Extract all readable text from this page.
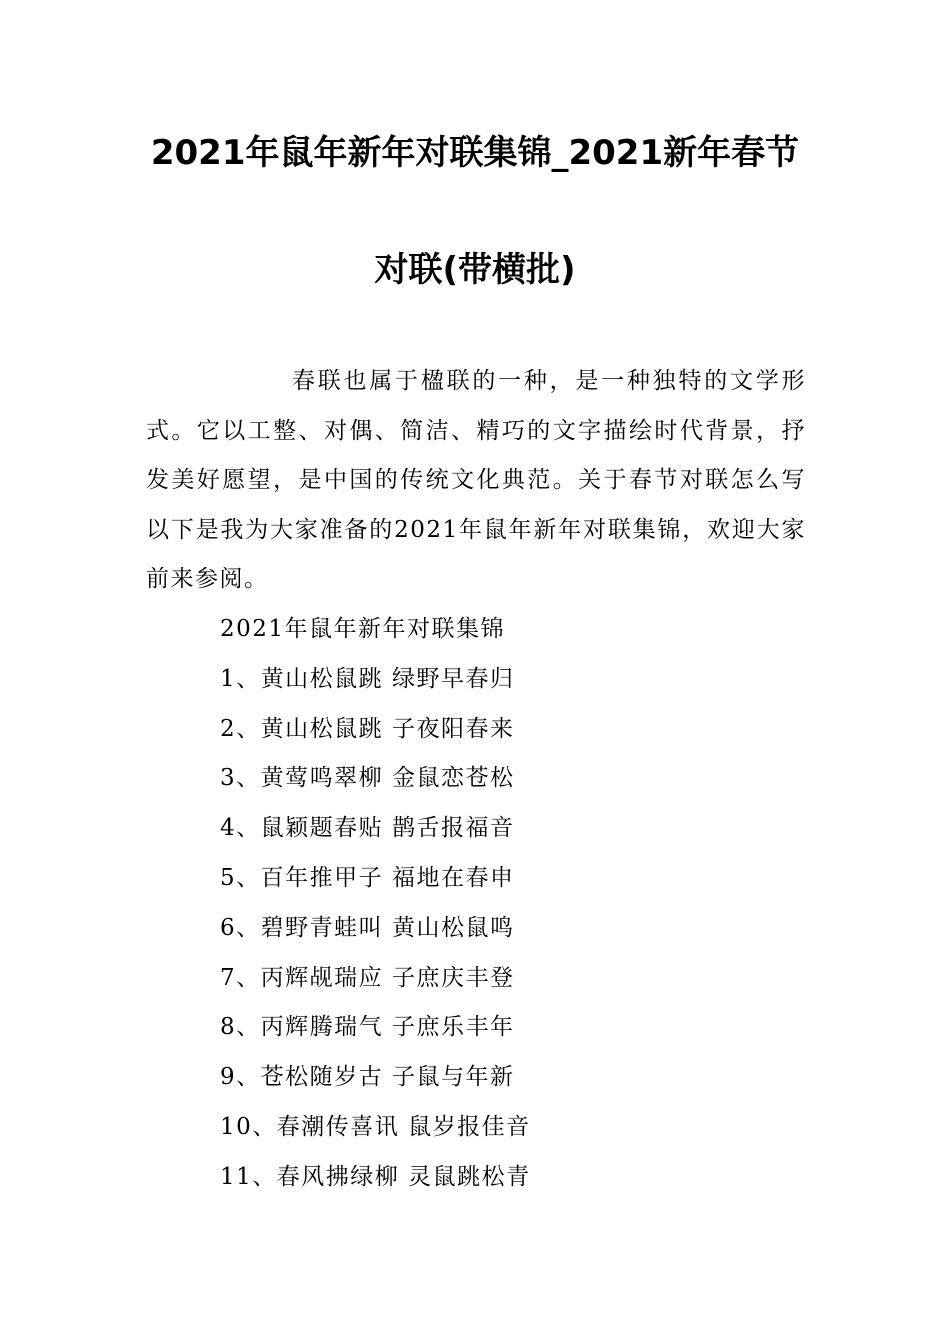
2021年鼠年新年对联集锦_2021新年春节
对联(带横批)

春联也属于楹联的一种，是一种独特的文学形式。它以工整、对偶、简洁、精巧的文字描绘时代背景，抒发美好愿望，是中国的传统文化典范。关于春节对联怎么写以下是我为大家准备的2021年鼠年新年对联集锦，欢迎大家前来参阅。

2021年鼠年新年对联集锦
1、黄山松鼠跳 绿野早春归
2、黄山松鼠跳 子夜阳春来
3、黄莺鸣翠柳 金鼠恋苍松
4、鼠颖题春贴 鹊舌报福音
5、百年推甲子 福地在春申
6、碧野青蛙叫 黄山松鼠鸣
7、丙辉觇瑞应 子庶庆丰登
8、丙辉腾瑞气 子庶乐丰年
9、苍松随岁古 子鼠与年新
10、春潮传喜讯 鼠岁报佳音
11、春风拂绿柳 灵鼠跳松青
